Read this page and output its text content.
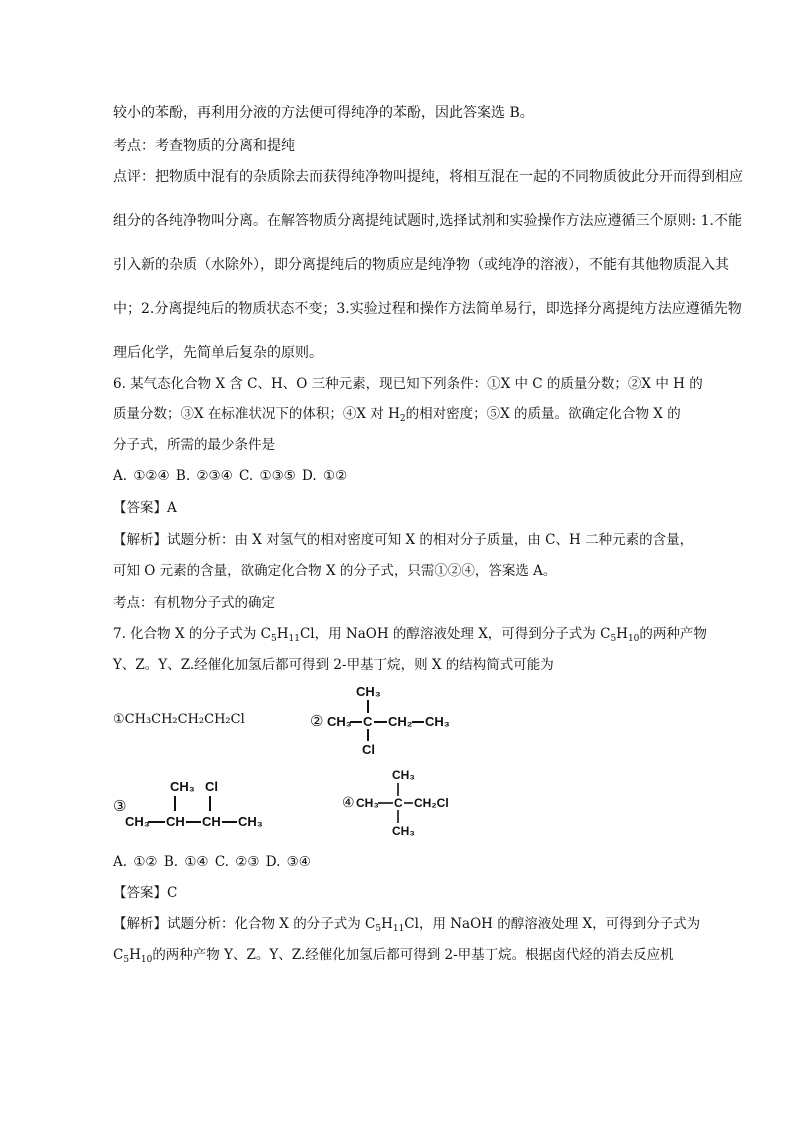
较小的苯酚，再利用分液的方法便可得纯净的苯酚，因此答案选 B。
考点：考查物质的分离和提纯
点评：把物质中混有的杂质除去而获得纯净物叫提纯，将相互混在一起的不同物质彼此分开而得到相应
组分的各纯净物叫分离。在解答物质分离提纯试题时,选择试剂和实验操作方法应遵循三个原则: 1.不能
引入新的杂质（水除外），即分离提纯后的物质应是纯净物（或纯净的溶液），不能有其他物质混入其
中；2.分离提纯后的物质状态不变；3.实验过程和操作方法简单易行，即选择分离提纯方法应遵循先物
理后化学，先简单后复杂的原则。
6. 某气态化合物 X 含 C、H、O 三种元素，现已知下列条件：①X 中 C 的质量分数；②X 中 H 的
质量分数；③X 在标准状况下的体积；④X 对 $H_2$的相对密度；⑤X 的质量。欲确定化合物 X 的
分子式，所需的最少条件是
A. ①②④ B. ②③④ C. ①③⑤ D. ①②
【答案】A
【解析】试题分析：由 X 对氢气的相对密度可知 X 的相对分子质量，由 C、H 二种元素的含量，
可知 O 元素的含量，欲确定化合物 X 的分子式，只需①②④，答案选 A。
考点：有机物分子式的确定
7. 化合物 X 的分子式为 $C_5H_{11}Cl$，用 NaOH 的醇溶液处理 X，可得到分子式为 $C_5H_{10}$的两种产物
Y、Z。Y、Z.经催化加氢后都可得到 2-甲基丁烷，则 X 的结构简式可能为
①CH₃CH₂CH₂CH₂Cl	②
CH₃
CH₃ C CH₂ CH₃
Cl
③
CH₃ Cl
CH₃ CH CH CH₃
④
CH₃
CH₃ C CH₂Cl
CH₃
A. ①② B. ①④ C. ②③ D. ③④
【答案】C
【解析】试题分析：化合物 X 的分子式为 $C_5H_{11}Cl$，用 NaOH 的醇溶液处理 X，可得到分子式为
$C_5H_{10}$的两种产物 Y、Z。Y、Z.经催化加氢后都可得到 2-甲基丁烷。根据卤代烃的消去反应机
